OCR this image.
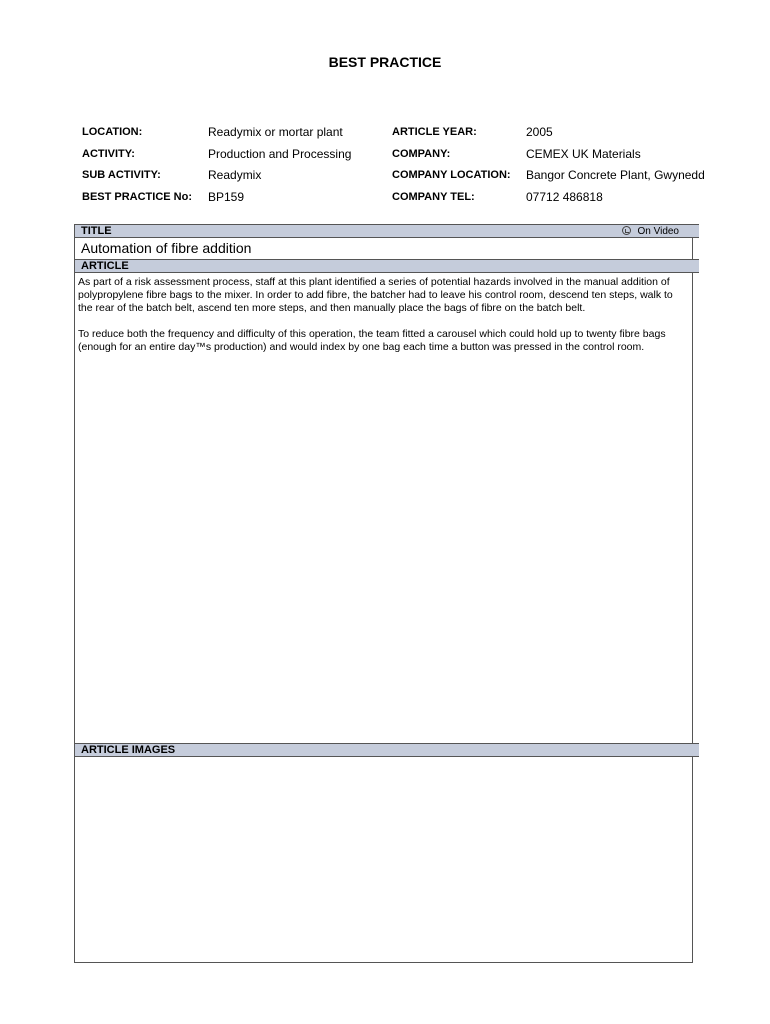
BEST PRACTICE
LOCATION:	Readymix or mortar plant
ACTIVITY:	Production and Processing
SUB ACTIVITY:	Readymix
BEST PRACTICE No: BP159
ARTICLE YEAR:	2005
COMPANY:	CEMEX UK Materials
COMPANY LOCATION: Bangor Concrete Plant, Gwynedd
COMPANY TEL:	07712 486818
TITLE	On Video
Automation of fibre addition
ARTICLE

As part of a risk assessment process, staff at this plant identified a series of potential hazards involved in the manual addition of polypropylene fibre bags to the mixer. In order to add fibre, the batcher had to leave his control room, descend ten steps, walk to the rear of the batch belt, ascend ten more steps, and then manually place the bags of fibre on the batch belt.

To reduce both the frequency and difficulty of this operation, the team fitted a carousel which could hold up to twenty fibre bags (enough for an entire day™s production) and would index by one bag each time a button was pressed in the control room.

ARTICLE IMAGES
